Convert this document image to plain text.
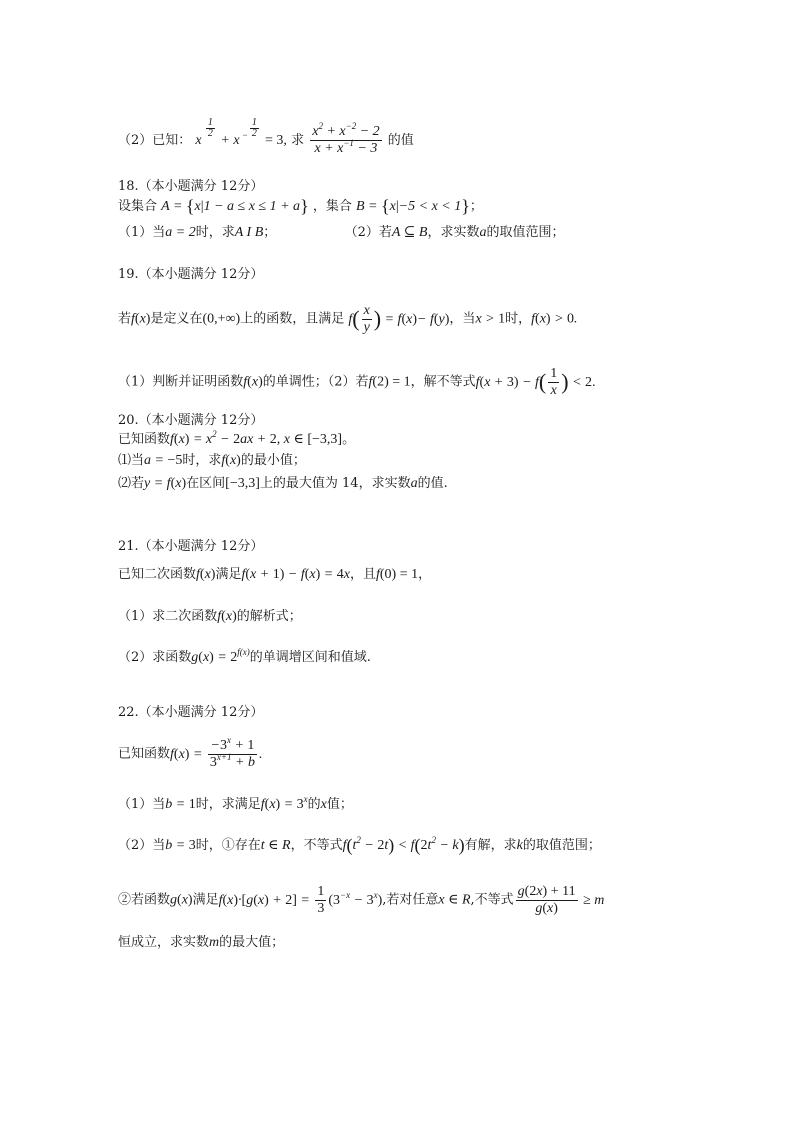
（2）已知： x
$^{\frac{1}{2}}$
+ x $^{- \frac{1}{2}}$
= 3, 求 $\frac{x^2 + x^{-2} - 2}{x + x^{-1} - 3}$ 的值
18.（本小题满分 12分）
设集合 A = {x|1 − a ≤ x ≤ 1 + a} ，集合 B = {x|−5 < x < 1}；
（1）当a = 2时，求A I B；	（2）若A ⊆ B，求实数a的取值范围；
19.（本小题满分 12分）
若f(x)是定义在(0,+∞)上的函数，且满足 $f( \frac{x}{y}$ ) = f(x)− f(y)，当x > 1时，f(x) > 0.
（1）判断并证明函数f(x)的单调性；（2）若f(2) = 1，解不等式$f(x + 3) - f( \frac{1}{x}$ ) < 2.
20.（本小题满分 12分）
已知函数$f(x) = x^2 - 2ax + 2$, x ∈ [−3,3]。
⑴当a = −5时，求f(x)的最小值；
⑵若y = f(x)在区间[−3,3]上的最大值为 14，求实数a的值.
21.（本小题满分 12分）
已知二次函数f(x)满足f(x + 1) − f(x) = 4x，且f(0) = 1，
（1）求二次函数f(x)的解析式；
（2）求函数$g(x) = 2^{f(x)}$的单调增区间和值域.
22.（本小题满分 12分）
已知函数$f(x) = \frac{-3^x + 1}{3^{x+1} + b}$ .
（1）当b = 1时，求满足$f(x) = 3^x$的x值；
（2）当b = 3时，①存在t ∈ R，不等式$f(t^2 - 2t) < f(2t^2 - k)$有解，求k的取值范围；
②若函数g(x)满足$f(x)\cdot[g(x) + 2] = \frac{1}{3} (3^{-x} - 3^x)$,若对任意x ∈ R,不等式 $\frac{g(2x) + 11}{g(x)} \ge m$
恒成立，求实数m的最大值；
